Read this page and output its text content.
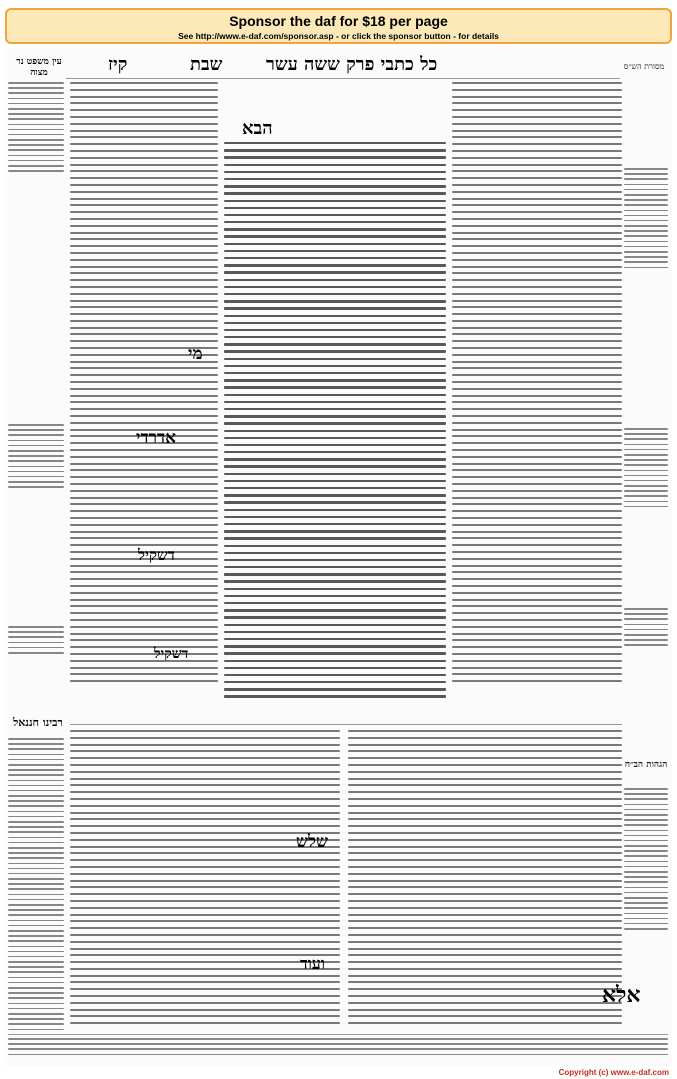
Sponsor the daf for $18 per page
See http://www.e-daf.com/sponsor.asp - or click the sponsor button - for details
עין משפט נר מצוה	קיז	שבת כל כתבי פרק ששה עשר	מסורת הש״ס
רבינו חננאל
מי
אדרדי
דשקיל
דשקיל
הבא
הגהות הב״ח
שלש
ועוד
אלא
Copyright (c) www.e-daf.com
